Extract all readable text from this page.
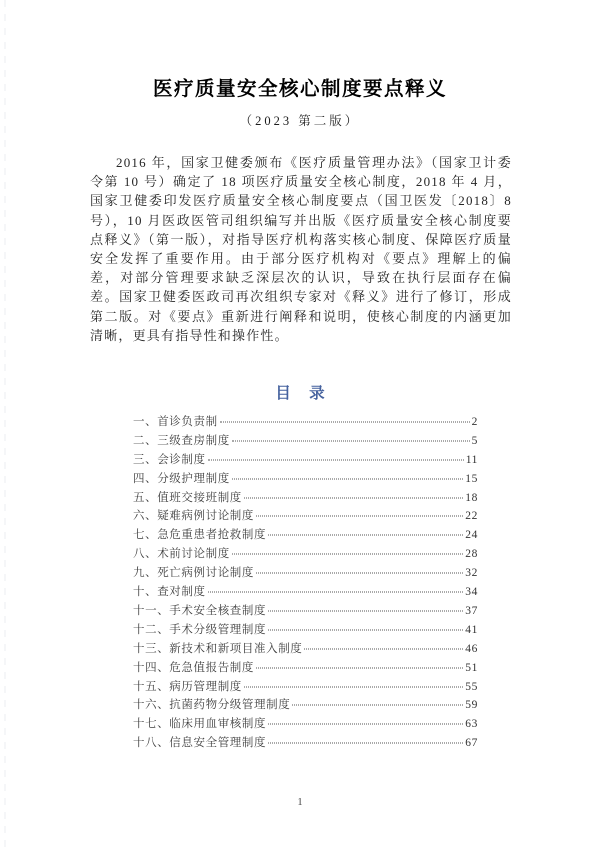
医疗质量安全核心制度要点释义
（2023 第二版）

2016 年，国家卫健委颁布《医疗质量管理办法》（国家卫计委令第 10 号）确定了 18 项医疗质量安全核心制度，2018 年 4 月，国家卫健委印发医疗质量安全核心制度要点（国卫医发〔2018〕8 号），10 月医政医管司组织编写并出版《医疗质量安全核心制度要点释义》（第一版），对指导医疗机构落实核心制度、保障医疗质量安全发挥了重要作用。由于部分医疗机构对《要点》理解上的偏差，对部分管理要求缺乏深层次的认识，导致在执行层面存在偏差。国家卫健委医政司再次组织专家对《释义》进行了修订，形成第二版。对《要点》重新进行阐释和说明，使核心制度的内涵更加清晰，更具有指导性和操作性。

目 录
一、首诊负责制	2
二、三级查房制度	5
三、会诊制度	11
四、分级护理制度	15
五、值班交接班制度	18
六、疑难病例讨论制度	22
七、急危重患者抢救制度	24
八、术前讨论制度	28
九、死亡病例讨论制度	32
十、查对制度	34
十一、手术安全核查制度	37
十二、手术分级管理制度	41
十三、新技术和新项目准入制度	46
十四、危急值报告制度	51
十五、病历管理制度	55
十六、抗菌药物分级管理制度	59
十七、临床用血审核制度	63
十八、信息安全管理制度	67
1
